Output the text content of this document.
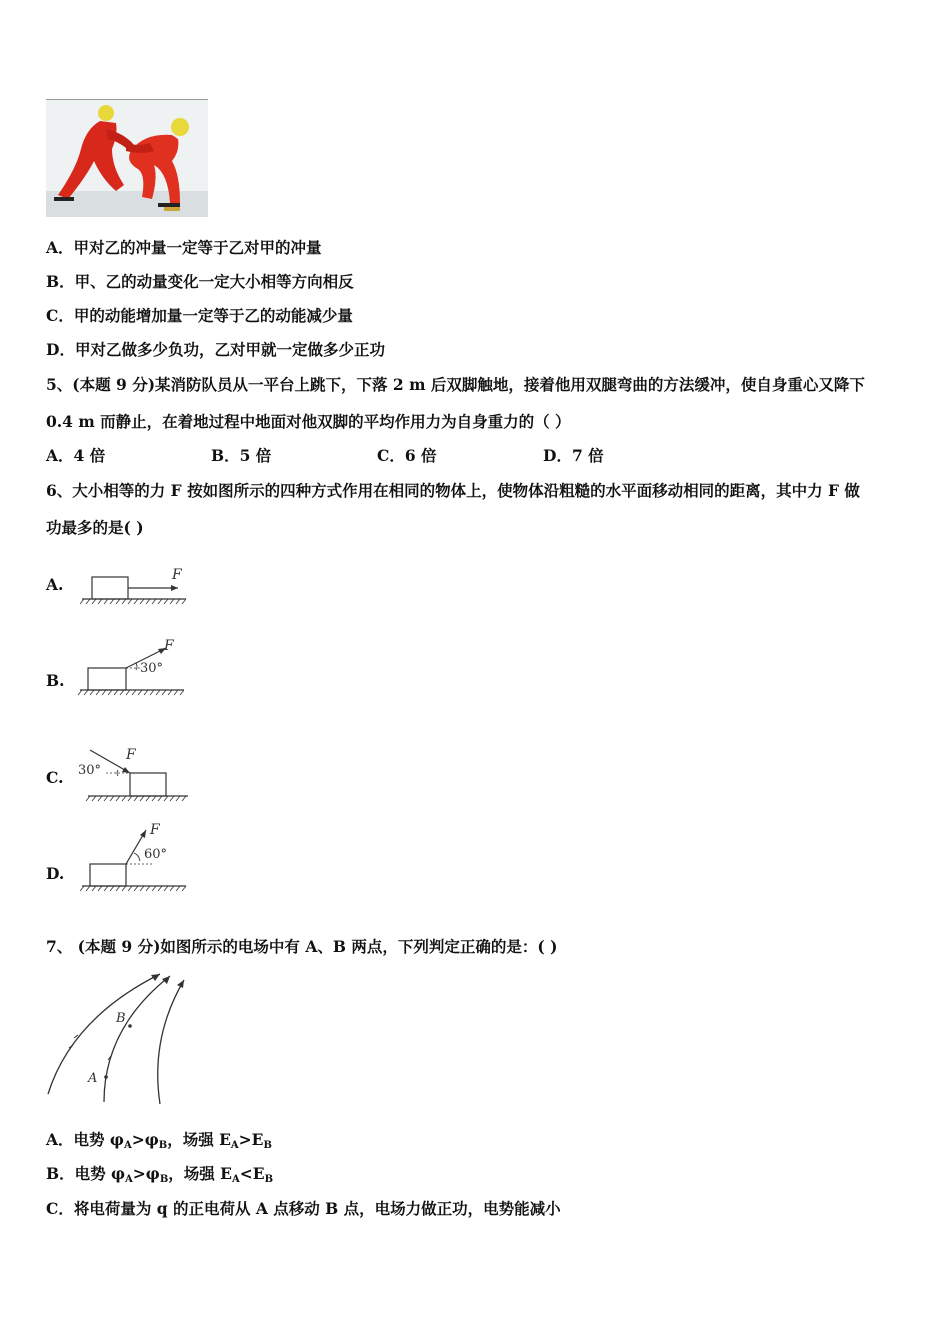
A．甲对乙的冲量一定等于乙对甲的冲量
B．甲、乙的动量变化一定大小相等方向相反
C．甲的动能增加量一定等于乙的动能减少量
D．甲对乙做多少负功，乙对甲就一定做多少正功
5、(本题 9 分)某消防队员从一平台上跳下，下落 2 m 后双脚触地，接着他用双腿弯曲的方法缓冲，使自身重心又降下
0.4 m 而静止，在着地过程中地面对他双脚的平均作用力为自身重力的（ ）
A．4 倍	B．5 倍	C．6 倍	D．7 倍
6、大小相等的力 F 按如图所示的四种方式作用在相同的物体上，使物体沿粗糙的水平面移动相同的距离，其中力 F 做
功最多的是( )
A.	F
B.
F
30°
C.
F
30°
D.
F
60°
7、 (本题 9 分)如图所示的电场中有 A、B 两点，下列判定正确的是：( )
A
B
A．电势 $\varphi_A>\varphi_B$，场强 $E_A>E_B$
B．电势 $\varphi_A>\varphi_B$，场强 $E_A<E_B$
C．将电荷量为 q 的正电荷从 A 点移动 B 点，电场力做正功，电势能减小
